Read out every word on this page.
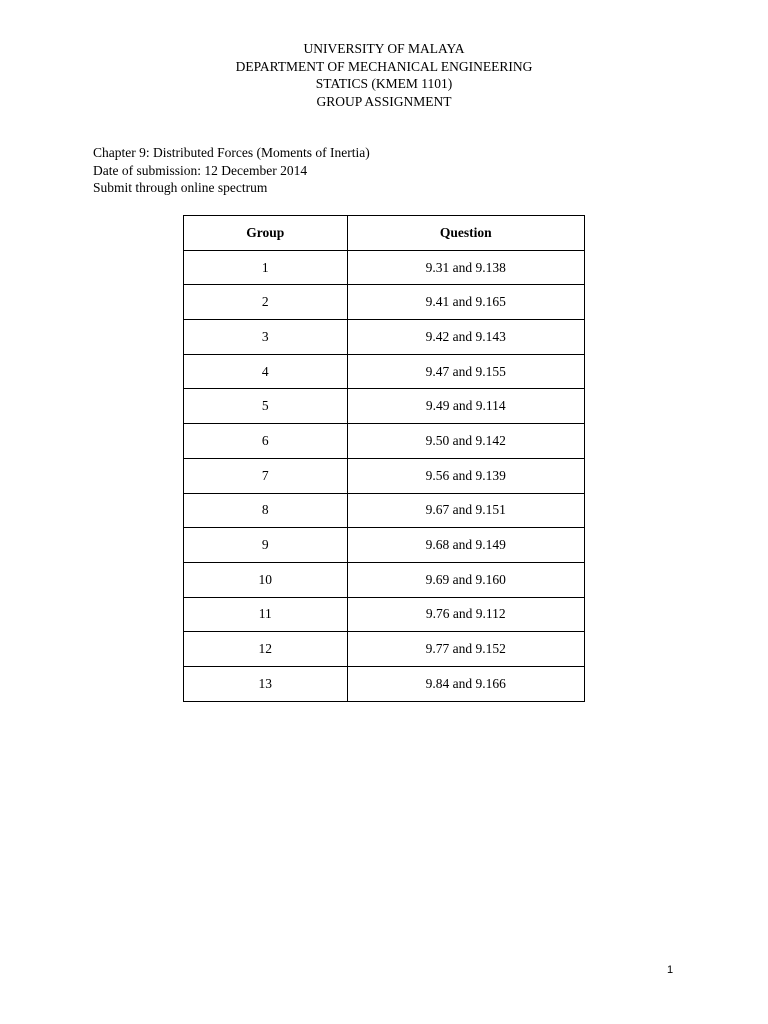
UNIVERSITY OF MALAYA
DEPARTMENT OF MECHANICAL ENGINEERING
STATICS (KMEM 1101)
GROUP ASSIGNMENT
Chapter 9: Distributed Forces (Moments of Inertia)
Date of submission: 12 December 2014
Submit through online spectrum
Group	Question
1	9.31 and 9.138
2	9.41 and 9.165
3	9.42 and 9.143
4	9.47 and 9.155
5	9.49 and 9.114
6	9.50 and 9.142
7	9.56 and 9.139
8	9.67 and 9.151
9	9.68 and 9.149
10	9.69 and 9.160
11	9.76 and 9.112
12	9.77 and 9.152
13	9.84 and 9.166
1
